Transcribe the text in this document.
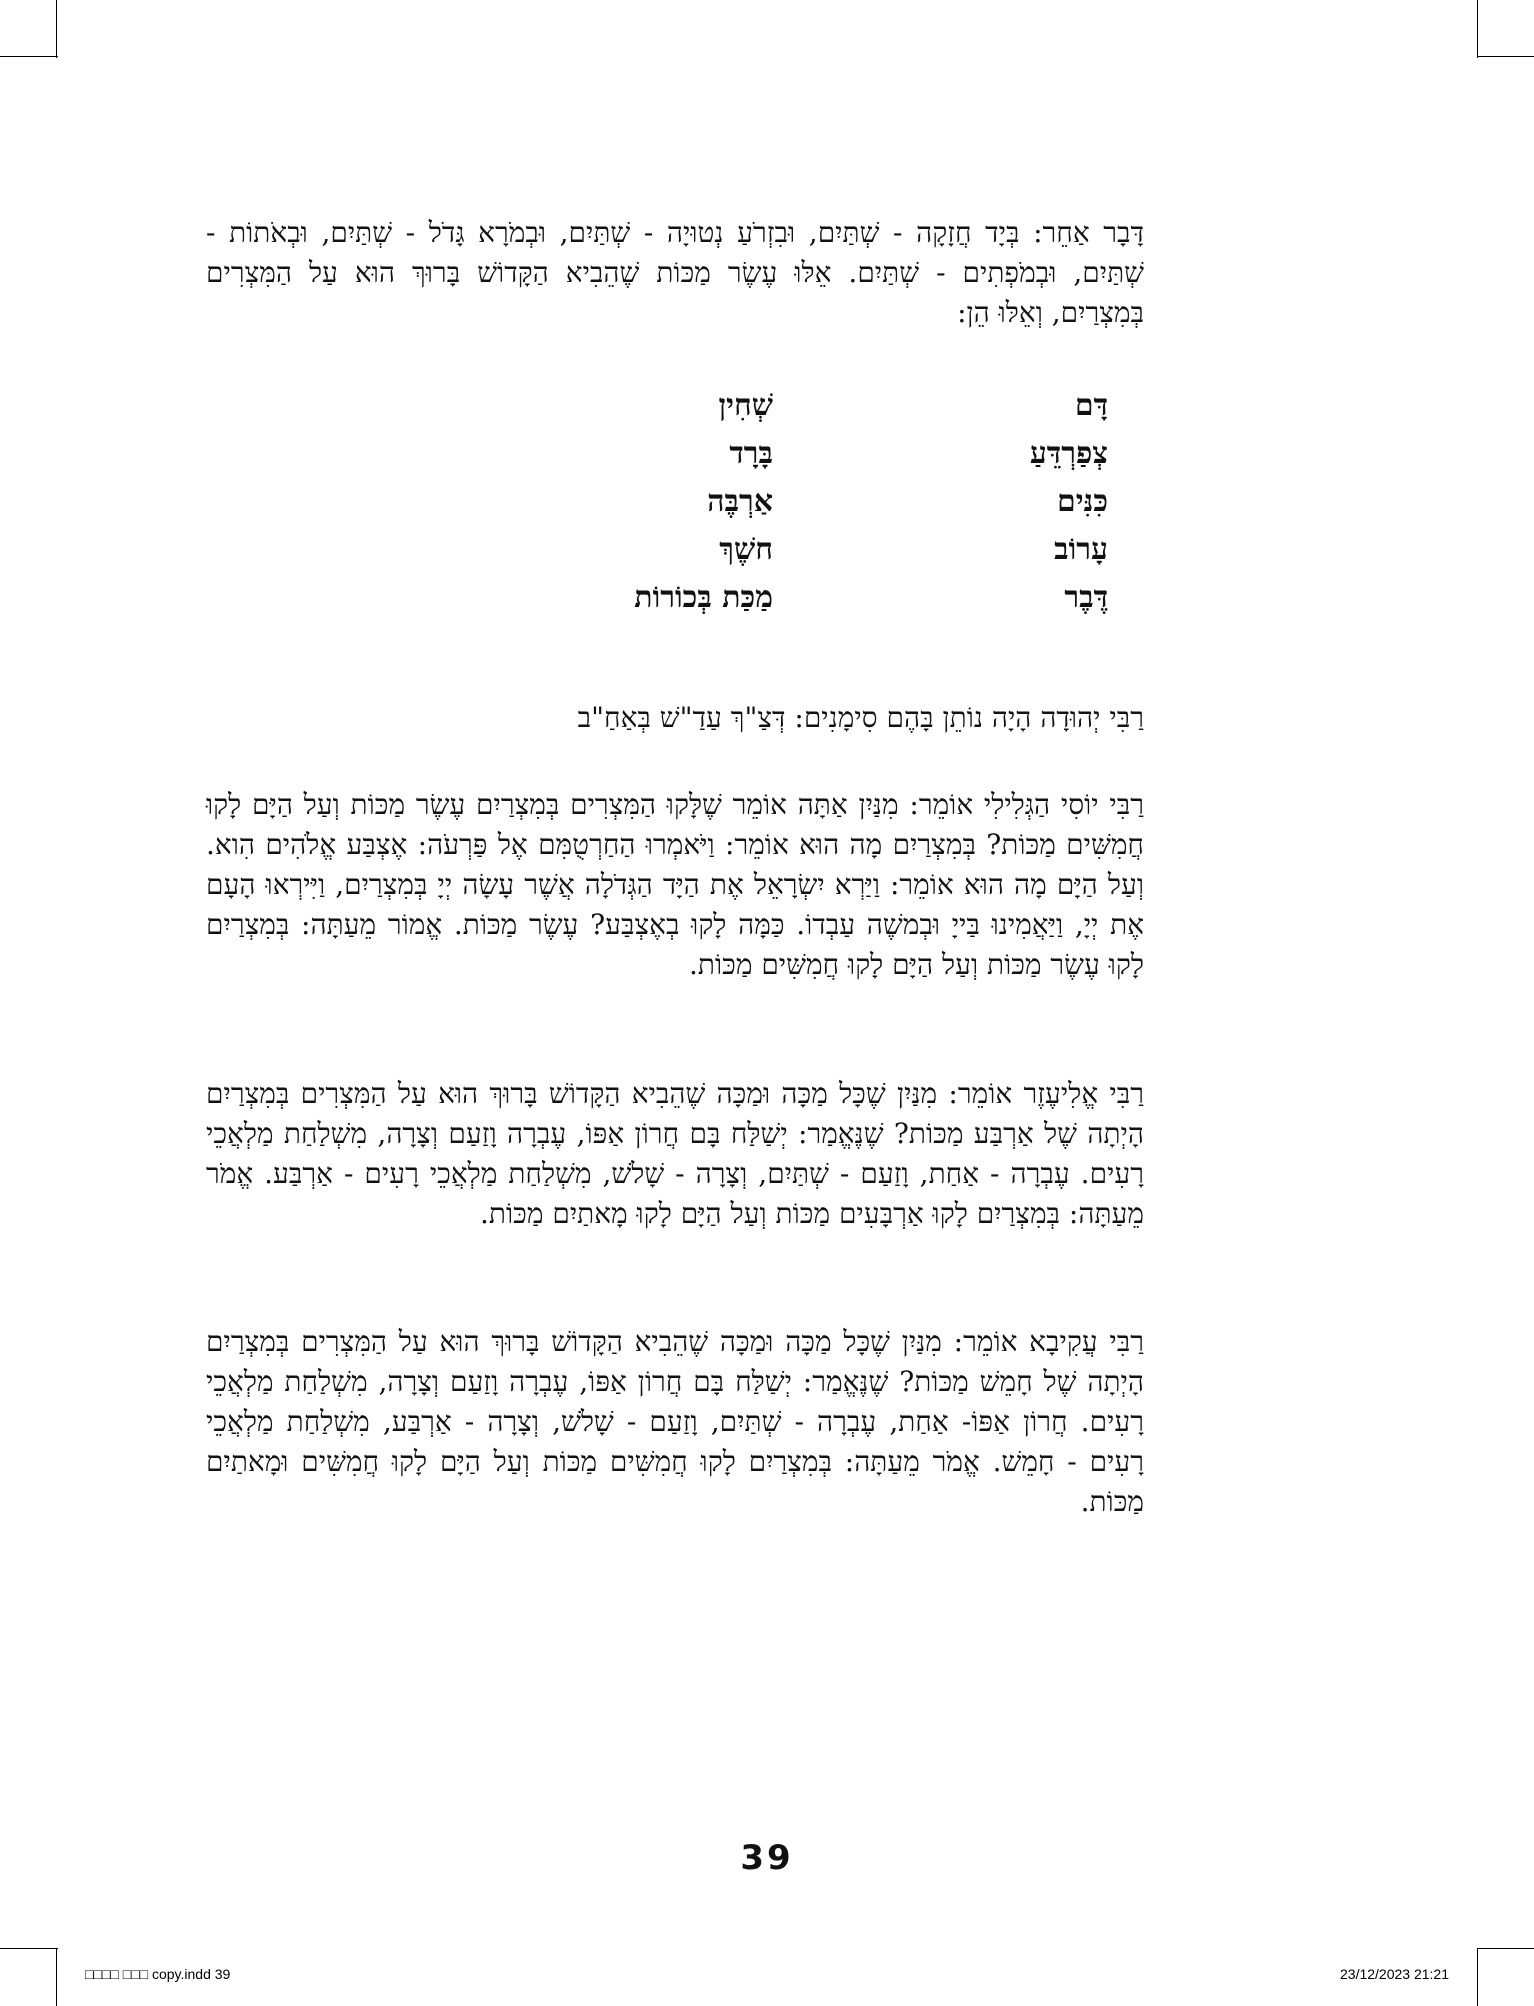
דָּבָר אַחֵר: בְּיָד חֲזָקָה - שְׁתַּיִם, וּבִזְרֹעַ נְטוּיָה - שְׁתַּיִם, וּבְמֹרָא גָּדֹל - שְׁתַּיִם, וּבְאֹתוֹת - שְׁתַּיִם, וּבְמֹפְתִים - שְׁתַּיִם. אֵלּוּ עֶשֶׂר מַכּוֹת שֶׁהֵבִיא הַקָּדוֹשׁ בָּרוּךְ הוּא עַל הַמִּצְרִים בְּמִצְרַיִם, וְאֵלּוּ הֵן:
דָּם
צְפַרְדֵּעַ
כִּנִּים
עָרוֹב
דֶּבֶר
שְׁחִין
בָּרָד
אַרְבֶּה
חשֶׁךְ
מַכַּת בְּכוֹרוֹת
רַבִּי יְהוּדָה הָיָה נוֹתֵן בָּהֶם סִימָנִים: דְּצַ"ךְ עַדַ"שׁ בְּאַחַ"ב
רַבִּי יוֹסִי הַגְּלִילִי אוֹמֵר: מִנַּיִן אַתָּה אוֹמֵר שֶׁלָּקוּ הַמִּצְרִים בְּמִצְרַיִם עֶשֶׂר מַכּוֹת וְעַל הַיָּם לָקוּ חֲמִשִּׁים מַכּוֹת? בְּמִצְרַיִם מָה הוּא אוֹמֵר: וַיֹּאמְרוּ הַחַרְטֻמִּם אֶל פַּרְעֹה: אֶצְבַּע אֱלֹהִים הִוא. וְעַל הַיָּם מָה הוּא אוֹמֵר: וַיַּרְא יִשְׂרָאֵל אֶת הַיָּד הַגְּדֹלָה אֲשֶׁר עָשָׂה יְיָ בְּמִצְרַיִם, וַיִּירְאוּ הָעָם אֶת יְיָ, וַיַּאֲמִינוּ בַּייָ וּבְמשֶׁה עַבְדוֹ. כַּמָּה לָקוּ בְאֶצְבַּע? עֶשֶׂר מַכּוֹת. אֱמוֹר מֵעַתָּה: בְּמִצְרַיִם לָקוּ עֶשֶׂר מַכּוֹת וְעַל הַיָּם לָקוּ חֲמִשִּׁים מַכּוֹת.
רַבִּי אֱלִיעֶזֶר אוֹמֵר: מִנַּיִן שֶׁכָּל מַכָּה וּמַכָּה שֶׁהֵבִיא הַקָּדוֹשׁ בָּרוּךְ הוּא עַל הַמִּצְרִים בְּמִצְרַיִם הָיְתָה שֶׁל אַרְבַּע מַכּוֹת? שֶׁנֶּאֱמַר: יְשַׁלַּח בָּם חֲרוֹן אַפּוֹ, עֶבְרָה וָזַעַם וְצָרָה, מִשְׁלַחַת מַלְאֲכֵי רָעִים. עֶבְרָה - אַחַת, וָזַעַם - שְׁתַּיִם, וְצָרָה - שָׁלֹשׁ, מִשְׁלַחַת מַלְאֲכֵי רָעִים - אַרְבַּע. אֱמֹר מֵעַתָּה: בְּמִצְרַיִם לָקוּ אַרְבָּעִים מַכּוֹת וְעַל הַיָּם לָקוּ מָאתַיִם מַכּוֹת.
רַבִּי עֲקִיבָא אוֹמֵר: מִנַּיִן שֶׁכָּל מַכָּה וּמַכָּה שֶׁהֵבִיא הַקָּדוֹשׁ בָּרוּךְ הוּא עַל הַמִּצְרִים בְּמִצְרַיִם הָיְתָה שֶׁל חָמֵשׁ מַכּוֹת? שֶׁנֶּאֱמַר: יְשַׁלַּח בָּם חֲרוֹן אַפּוֹ, עֶבְרָה וָזַעַם וְצָרָה, מִשְׁלַחַת מַלְאֲכֵי רָעִים. חֲרוֹן אַפּוֹ- אַחַת, עֶבְרָה - שְׁתַּיִם, וָזַעַם - שָׁלֹשׁ, וְצָרָה - אַרְבַּע, מִשְׁלַחַת מַלְאֲכֵי רָעִים - חָמֵשׁ. אֱמֹר מֵעַתָּה: בְּמִצְרַיִם לָקוּ חֲמִשִּׁים מַכּוֹת וְעַל הַיָּם לָקוּ חֲמִשִּׁים וּמָאתַיִם מַכּוֹת.
39
□□□□ □□□ copy.indd 39	23/12/2023 21:21
